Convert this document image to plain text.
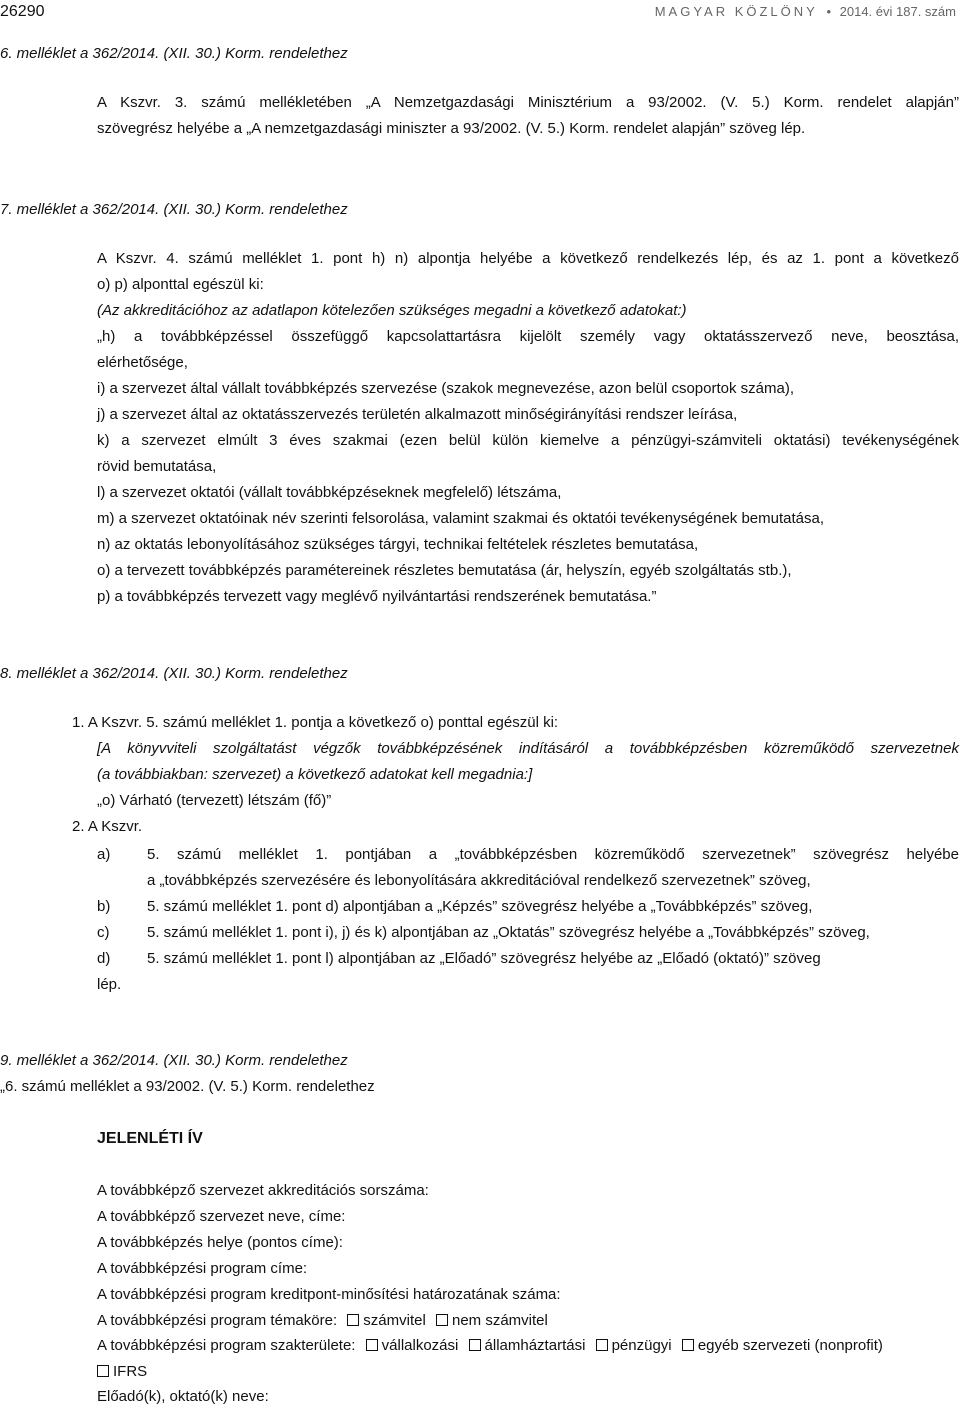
26290	MAGYAR KÖZLÖNY • 2014. évi 187. szám
6. melléklet a 362/2014. (XII. 30.) Korm. rendelethez
A Kszvr. 3. számú mellékletében „A Nemzetgazdasági Minisztérium a 93/2002. (V. 5.) Korm. rendelet alapján”
szövegrész helyébe a „A nemzetgazdasági miniszter a 93/2002. (V. 5.) Korm. rendelet alapján” szöveg lép.
7. melléklet a 362/2014. (XII. 30.) Korm. rendelethez
A Kszvr. 4. számú melléklet 1. pont h) n) alpontja helyébe a következő rendelkezés lép, és az 1. pont a következő
o) p) alponttal egészül ki:
(Az akkreditációhoz az adatlapon kötelezően szükséges megadni a következő adatokat:)
„h) a továbbképzéssel összefüggő kapcsolattartásra kijelölt személy vagy oktatásszervező neve, beosztása,
elérhetősége,
i) a szervezet által vállalt továbbképzés szervezése (szakok megnevezése, azon belül csoportok száma),
j) a szervezet által az oktatásszervezés területén alkalmazott minőségirányítási rendszer leírása,
k) a szervezet elmúlt 3 éves szakmai (ezen belül külön kiemelve a pénzügyi-számviteli oktatási) tevékenységének
rövid bemutatása,
l) a szervezet oktatói (vállalt továbbképzéseknek megfelelő) létszáma,
m) a szervezet oktatóinak név szerinti felsorolása, valamint szakmai és oktatói tevékenységének bemutatása,
n) az oktatás lebonyolításához szükséges tárgyi, technikai feltételek részletes bemutatása,
o) a tervezett továbbképzés paramétereinek részletes bemutatása (ár, helyszín, egyéb szolgáltatás stb.),
p) a továbbképzés tervezett vagy meglévő nyilvántartási rendszerének bemutatása.”
8. melléklet a 362/2014. (XII. 30.) Korm. rendelethez
1. A Kszvr. 5. számú melléklet 1. pontja a következő o) ponttal egészül ki:
[A könyvviteli szolgáltatást végzők továbbképzésének indításáról a továbbképzésben közreműködő szervezetnek
(a továbbiakban: szervezet) a következő adatokat kell megadnia:]
„o) Várható (tervezett) létszám (fő)”
2. A Kszvr.
a) 5. számú melléklet 1. pontjában a „továbbképzésben közreműködő szervezetnek” szövegrész helyébe
a „továbbképzés szervezésére és lebonyolítására akkreditációval rendelkező szervezetnek” szöveg,
b) 5. számú melléklet 1. pont d) alpontjában a „Képzés” szövegrész helyébe a „Továbbképzés” szöveg,
c)	5. számú melléklet 1. pont i), j) és k) alpontjában az „Oktatás” szövegrész helyébe a „Továbbképzés” szöveg,
d) 5. számú melléklet 1. pont l) alpontjában az „Előadó” szövegrész helyébe az „Előadó (oktató)” szöveg
lép.
9. melléklet a 362/2014. (XII. 30.) Korm. rendelethez
„6. számú melléklet a 93/2002. (V. 5.) Korm. rendelethez
JELENLÉTI ÍV
A továbbképző szervezet akkreditációs sorszáma:
A továbbképző szervezet neve, címe:
A továbbképzés helye (pontos címe):
A továbbképzési program címe:
A továbbképzési program kreditpont-minősítési határozatának száma:
A továbbképzési program témaköre: számvitel nem számvitel
A továbbképzési program szakterülete: vállalkozási államháztartási pénzügyi egyéb szervezeti (nonprofit)
IFRS
Előadó(k), oktató(k) neve:
